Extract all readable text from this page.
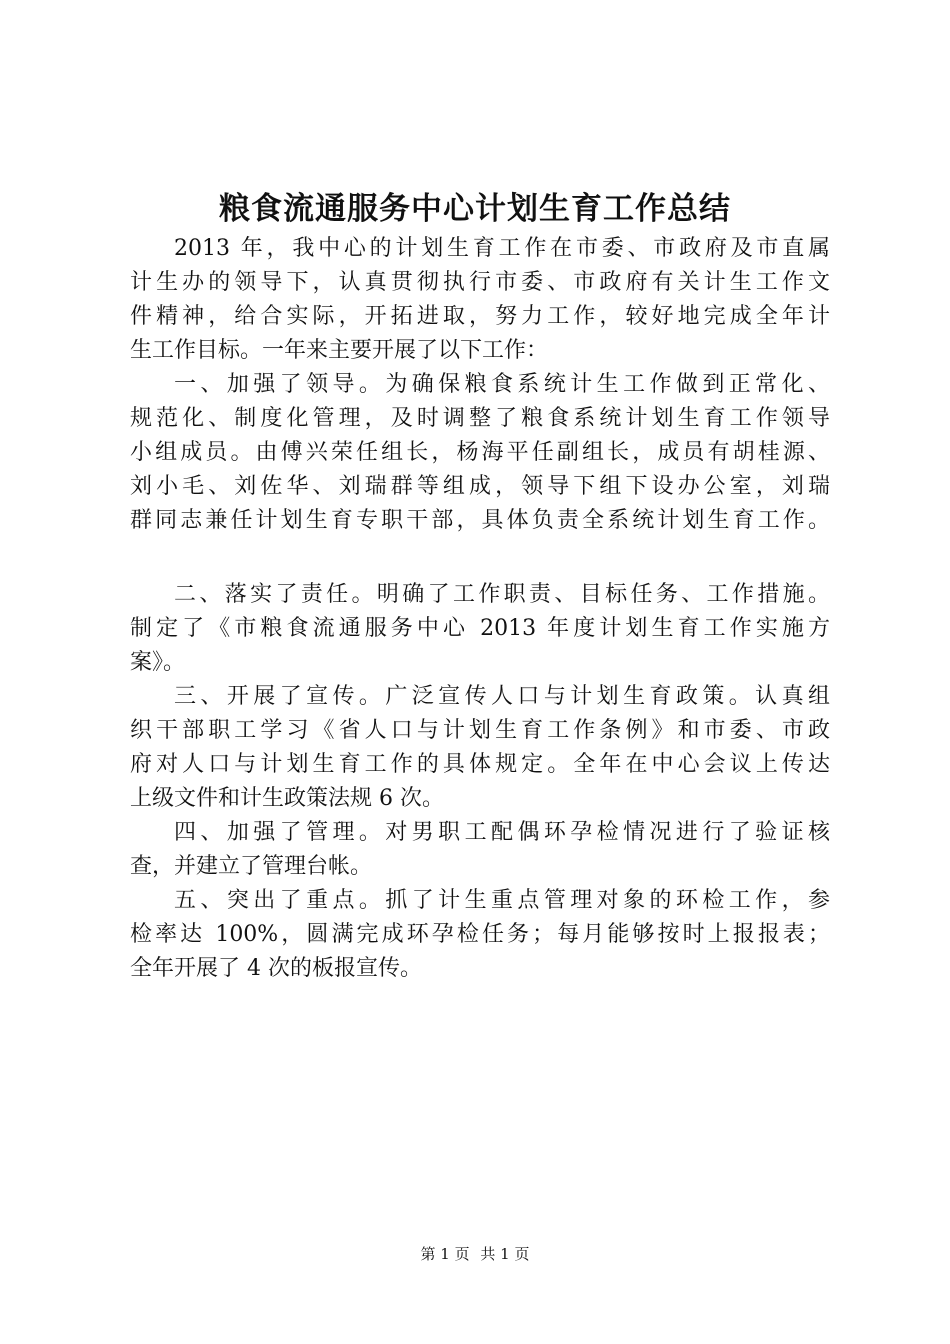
粮食流通服务中心计划生育工作总结
2013 年，我中心的计划生育工作在市委、市政府及市直属
计生办的领导下，认真贯彻执行市委、市政府有关计生工作文
件精神，给合实际，开拓进取，努力工作，较好地完成全年计
生工作目标。一年来主要开展了以下工作：
一、加强了领导。为确保粮食系统计生工作做到正常化、
规范化、制度化管理，及时调整了粮食系统计划生育工作领导
小组成员。由傅兴荣任组长，杨海平任副组长，成员有胡桂源、
刘小毛、刘佐华、刘瑞群等组成，领导下组下设办公室，刘瑞
群同志兼任计划生育专职干部，具体负责全系统计划生育工作。
二、落实了责任。明确了工作职责、目标任务、工作措施。
制定了《市粮食流通服务中心 2013 年度计划生育工作实施方
案》。
三、开展了宣传。广泛宣传人口与计划生育政策。认真组
织干部职工学习《省人口与计划生育工作条例》和市委、市政
府对人口与计划生育工作的具体规定。全年在中心会议上传达
上级文件和计生政策法规 6 次。
四、加强了管理。对男职工配偶环孕检情况进行了验证核
查，并建立了管理台帐。
五、突出了重点。抓了计生重点管理对象的环检工作，参
检率达 100%，圆满完成环孕检任务；每月能够按时上报报表；
全年开展了 4 次的板报宣传。
第 1 页 共 1 页
